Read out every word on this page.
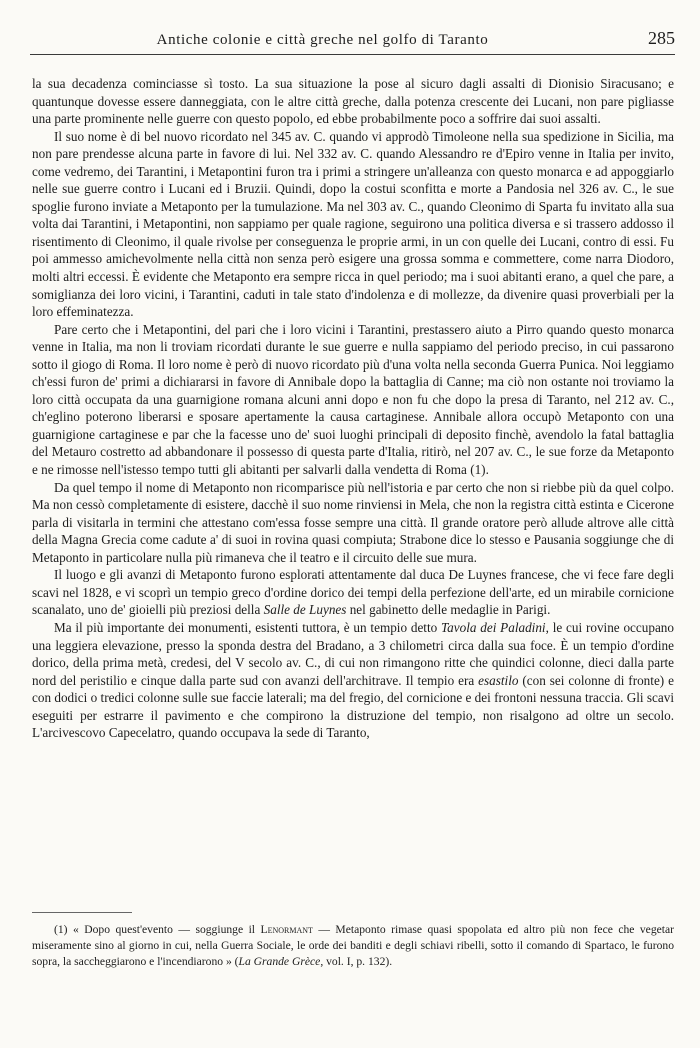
Antiche colonie e città greche nel golfo di Taranto	285

la sua decadenza cominciasse sì tosto. La sua situazione la pose al sicuro dagli assalti di Dionisio Siracusano; e quantunque dovesse essere danneggiata, con le altre città greche, dalla potenza crescente dei Lucani, non pare pigliasse una parte prominente nelle guerre con questo popolo, ed ebbe probabilmente poco a soffrire dai suoi assalti.

Il suo nome è di bel nuovo ricordato nel 345 av. C. quando vi approdò Timoleone nella sua spedizione in Sicilia, ma non pare prendesse alcuna parte in favore di lui. Nel 332 av. C. quando Alessandro re d'Epiro venne in Italia per invito, come vedremo, dei Tarantini, i Metapontini furon tra i primi a stringere un'alleanza con questo monarca e ad appoggiarlo nelle sue guerre contro i Lucani ed i Bruzii. Quindi, dopo la costui sconfitta e morte a Pandosia nel 326 av. C., le sue spoglie furono inviate a Metaponto per la tumulazione. Ma nel 303 av. C., quando Cleonimo di Sparta fu invitato alla sua volta dai Tarantini, i Metapontini, non sappiamo per quale ragione, seguirono una politica diversa e si trassero addosso il risentimento di Cleonimo, il quale rivolse per conseguenza le proprie armi, in un con quelle dei Lucani, contro di essi. Fu poi ammesso amichevolmente nella città non senza però esigere una grossa somma e commettere, come narra Diodoro, molti altri eccessi. È evidente che Metaponto era sempre ricca in quel periodo; ma i suoi abitanti erano, a quel che pare, a somiglianza dei loro vicini, i Tarantini, caduti in tale stato d'indolenza e di mollezze, da divenire quasi proverbiali per la loro effeminatezza.

Pare certo che i Metapontini, del pari che i loro vicini i Tarantini, prestassero aiuto a Pirro quando questo monarca venne in Italia, ma non li troviam ricordati durante le sue guerre e nulla sappiamo del periodo preciso, in cui passarono sotto il giogo di Roma. Il loro nome è però di nuovo ricordato più d'una volta nella seconda Guerra Punica. Noi leggiamo ch'essi furon de' primi a dichiararsi in favore di Annibale dopo la battaglia di Canne; ma ciò non ostante noi troviamo la loro città occupata da una guarnigione romana alcuni anni dopo e non fu che dopo la presa di Taranto, nel 212 av. C., ch'eglino poterono liberarsi e sposare apertamente la causa cartaginese. Annibale allora occupò Metaponto con una guarnigione cartaginese e par che la facesse uno de' suoi luoghi principali di deposito finchè, avendolo la fatal battaglia del Metauro costretto ad abbandonare il possesso di questa parte d'Italia, ritirò, nel 207 av. C., le sue forze da Metaponto e ne rimosse nell'istesso tempo tutti gli abitanti per salvarli dalla vendetta di Roma (1).

Da quel tempo il nome di Metaponto non ricomparisce più nell'istoria e par certo che non si riebbe più da quel colpo. Ma non cessò completamente di esistere, dacchè il suo nome rinviensi in Mela, che non la registra città estinta e Cicerone parla di visitarla in termini che attestano com'essa fosse sempre una città. Il grande oratore però allude altrove alle città della Magna Grecia come cadute a' di suoi in rovina quasi compiuta; Strabone dice lo stesso e Pausania soggiunge che di Metaponto in particolare nulla più rimaneva che il teatro e il circuito delle sue mura.

Il luogo e gli avanzi di Metaponto furono esplorati attentamente dal duca De Luynes francese, che vi fece fare degli scavi nel 1828, e vi scoprì un tempio greco d'ordine dorico dei tempi della perfezione dell'arte, ed un mirabile cornicione scanalato, uno de' gioielli più preziosi della Salle de Luynes nel gabinetto delle medaglie in Parigi.

Ma il più importante dei monumenti, esistenti tuttora, è un tempio detto Tavola dei Paladini, le cui rovine occupano una leggiera elevazione, presso la sponda destra del Bradano, a 3 chilometri circa dalla sua foce. È un tempio d'ordine dorico, della prima metà, credesi, del V secolo av. C., di cui non rimangono ritte che quindici colonne, dieci dalla parte nord del peristilio e cinque dalla parte sud con avanzi dell'architrave. Il tempio era esastilo (con sei colonne di fronte) e con dodici o tredici colonne sulle sue faccie laterali; ma del fregio, del cornicione e dei frontoni nessuna traccia. Gli scavi eseguiti per estrarre il pavimento e che compirono la distruzione del tempio, non risalgono ad oltre un secolo. L'arcivescovo Capecelatro, quando occupava la sede di Taranto,

(1) « Dopo quest'evento — soggiunge il Lenormant — Metaponto rimase quasi spopolata ed altro più non fece che vegetar miseramente sino al giorno in cui, nella Guerra Sociale, le orde dei banditi e degli schiavi ribelli, sotto il comando di Spartaco, le furono sopra, la saccheggiarono e l'incendiarono » (La Grande Grèce, vol. I, p. 132).
